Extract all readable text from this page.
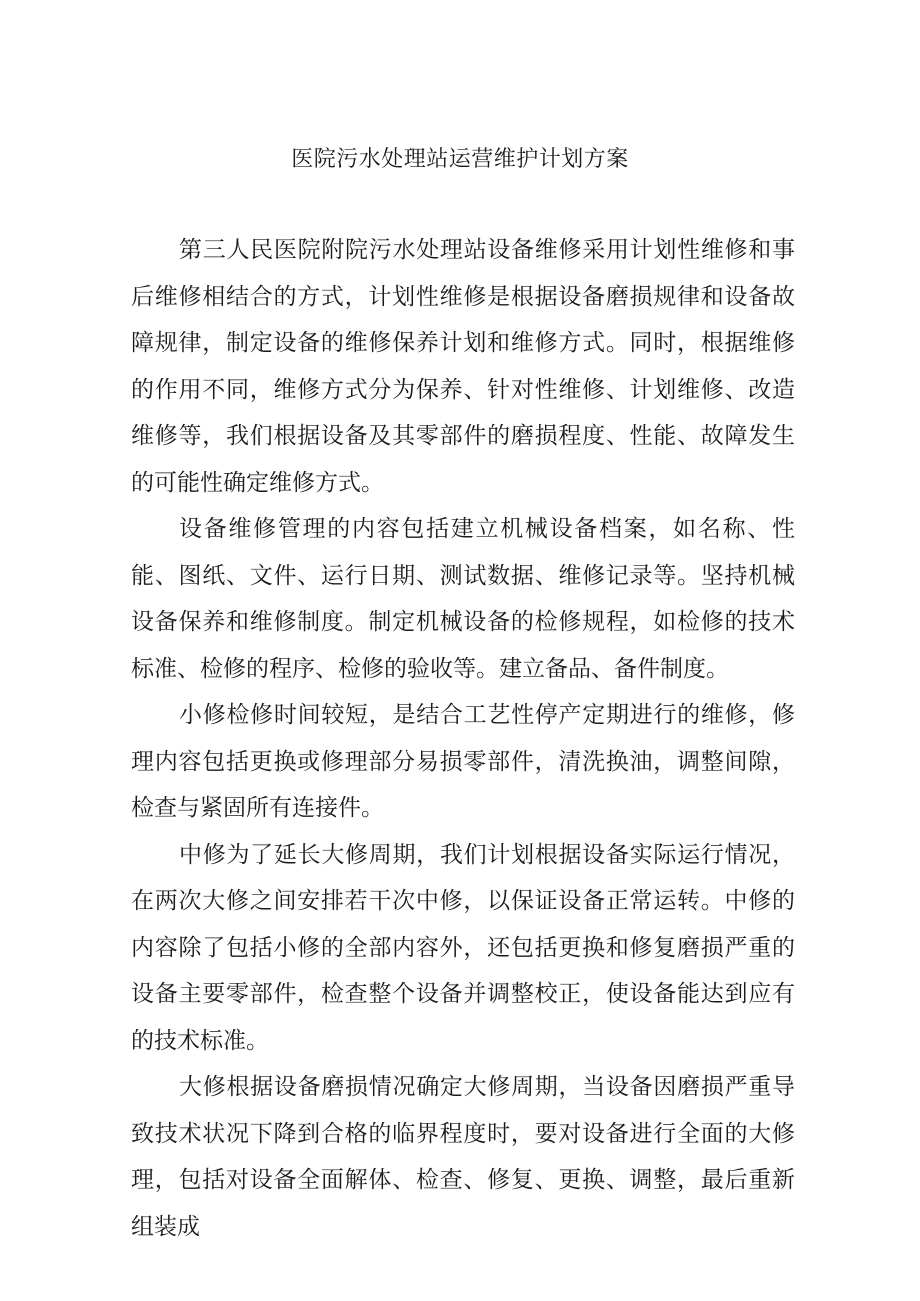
医院污水处理站运营维护计划方案

第三人民医院附院污水处理站设备维修采用计划性维修和事后维修相结合的方式，计划性维修是根据设备磨损规律和设备故障规律，制定设备的维修保养计划和维修方式。同时，根据维修的作用不同，维修方式分为保养、针对性维修、计划维修、改造维修等，我们根据设备及其零部件的磨损程度、性能、故障发生的可能性确定维修方式。

设备维修管理的内容包括建立机械设备档案，如名称、性能、图纸、文件、运行日期、测试数据、维修记录等。坚持机械设备保养和维修制度。制定机械设备的检修规程，如检修的技术标准、检修的程序、检修的验收等。建立备品、备件制度。

小修检修时间较短，是结合工艺性停产定期进行的维修，修理内容包括更换或修理部分易损零部件，清洗换油，调整间隙，检查与紧固所有连接件。

中修为了延长大修周期，我们计划根据设备实际运行情况，在两次大修之间安排若干次中修，以保证设备正常运转。中修的内容除了包括小修的全部内容外，还包括更换和修复磨损严重的设备主要零部件，检查整个设备并调整校正，使设备能达到应有的技术标准。

大修根据设备磨损情况确定大修周期，当设备因磨损严重导致技术状况下降到合格的临界程度时，要对设备进行全面的大修理，包括对设备全面解体、检查、修复、更换、调整，最后重新组装成
